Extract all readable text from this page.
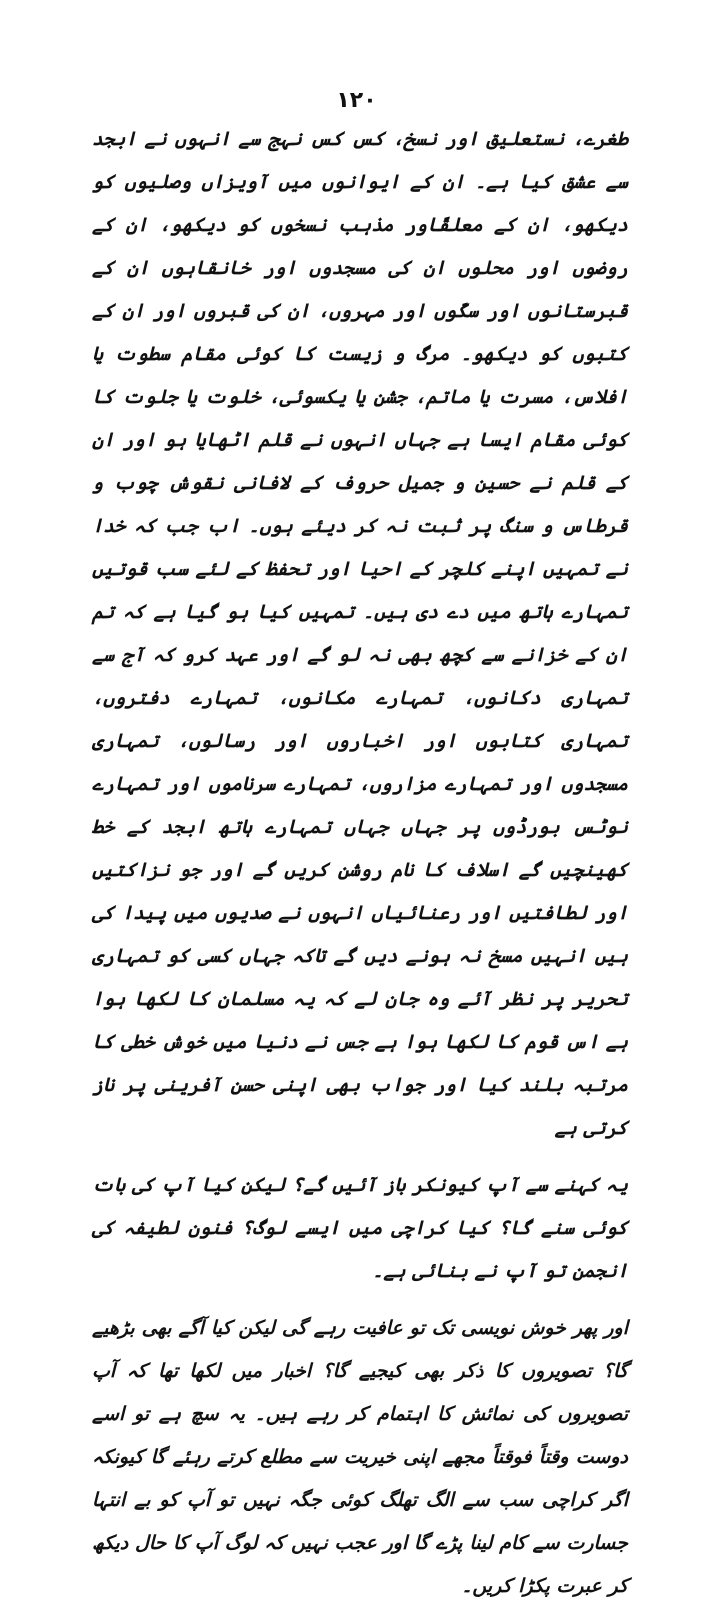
۱۲۰

طغرے، نستعلیق اور نسخ، کس کس نہج سے انہوں نے ابجد سے عشق کیا ہے۔ ان کے ایوانوں میں آویزاں وصلیوں کو دیکھو، ان کے معلقّاور مذہب نسخوں کو دیکھو، ان کے روضوں اور محلوں ان کی مسجدوں اور خانقاہوں ان کے قبرستانوں اور سکّوں اور مہروں، ان کی قبروں اور ان کے کتبوں کو دیکھو۔ مرگ و زیست کا کوئی مقام سطوت یا افلاس، مسرت یا ماتم، جشن یا یکسوئی، خلوت یا جلوت کا کوئی مقام ایسا ہے جہاں انہوں نے قلم اٹھایا ہو اور ان کے قلم نے حسین و جمیل حروف کے لافانی نقوش چوب و قرطاس و سنگ پر ثبت نہ کر دیئے ہوں۔ اب جب کہ خدا نے تمہیں اپنے کلچر کے احیا اور تحفظ کے لئے سب قوتیں تمہارے ہاتھ میں دے دی ہیں۔ تمہیں کیا ہو گیا ہے کہ تم ان کے خزانے سے کچھ بھی نہ لو گے اور عہد کرو کہ آج سے تمہاری دکانوں، تمہارے مکانوں، تمہارے دفتروں، تمہاری کتابوں اور اخباروں اور رسالوں، تمہاری مسجدوں اور تمہارے مزاروں، تمہارے سرناموں اور تمہارے نوٹس بورڈوں پر جہاں جہاں تمہارے ہاتھ ابجد کے خط کھینچیں گے اسلاف کا نام روشن کریں گے اور جو نزاکتیں اور لطافتیں اور رعنائیاں انہوں نے صدیوں میں پیدا کی ہیں انہیں مسخ نہ ہونے دیں گے تاکہ جہاں کسی کو تمہاری تحریر پر نظر آئے وہ جان لے کہ یہ مسلمان کا لکھا ہوا ہے اس قوم کا لکھا ہوا ہے جس نے دنیا میں خوش خطی کا مرتبہ بلند کیا اور جواب بھی اپنی حسن آفرینی پر ناز کرتی ہے

یہ کہنے سے آپ کیونکر باز آئیں گے؟ لیکن کیا آپ کی بات کوئی سنے گا؟ کیا کراچی میں ایسے لوگ؟ فنون لطیفہ کی انجمن تو آپ نے بنائی ہے۔

اور پھر خوش نویسی تک تو عافیت رہے گی لیکن کیا آگے بھی بڑھیے گا؟ تصویروں کا ذکر بھی کیجیے گا؟ اخبار میں لکھا تھا کہ آپ تصویروں کی نمائش کا اہتمام کر رہے ہیں۔ یہ سچ ہے تو اسے دوست وقتاً فوقتاً مجھے اپنی خیریت سے مطلع کرتے رہئے گا کیونکہ اگر کراچی سب سے الگ تھلگ کوئی جگہ نہیں تو آپ کو بے انتہا جسارت سے کام لینا پڑے گا اور عجب نہیں کہ لوگ آپ کا حال دیکھ کر عبرت پکڑا کریں۔
